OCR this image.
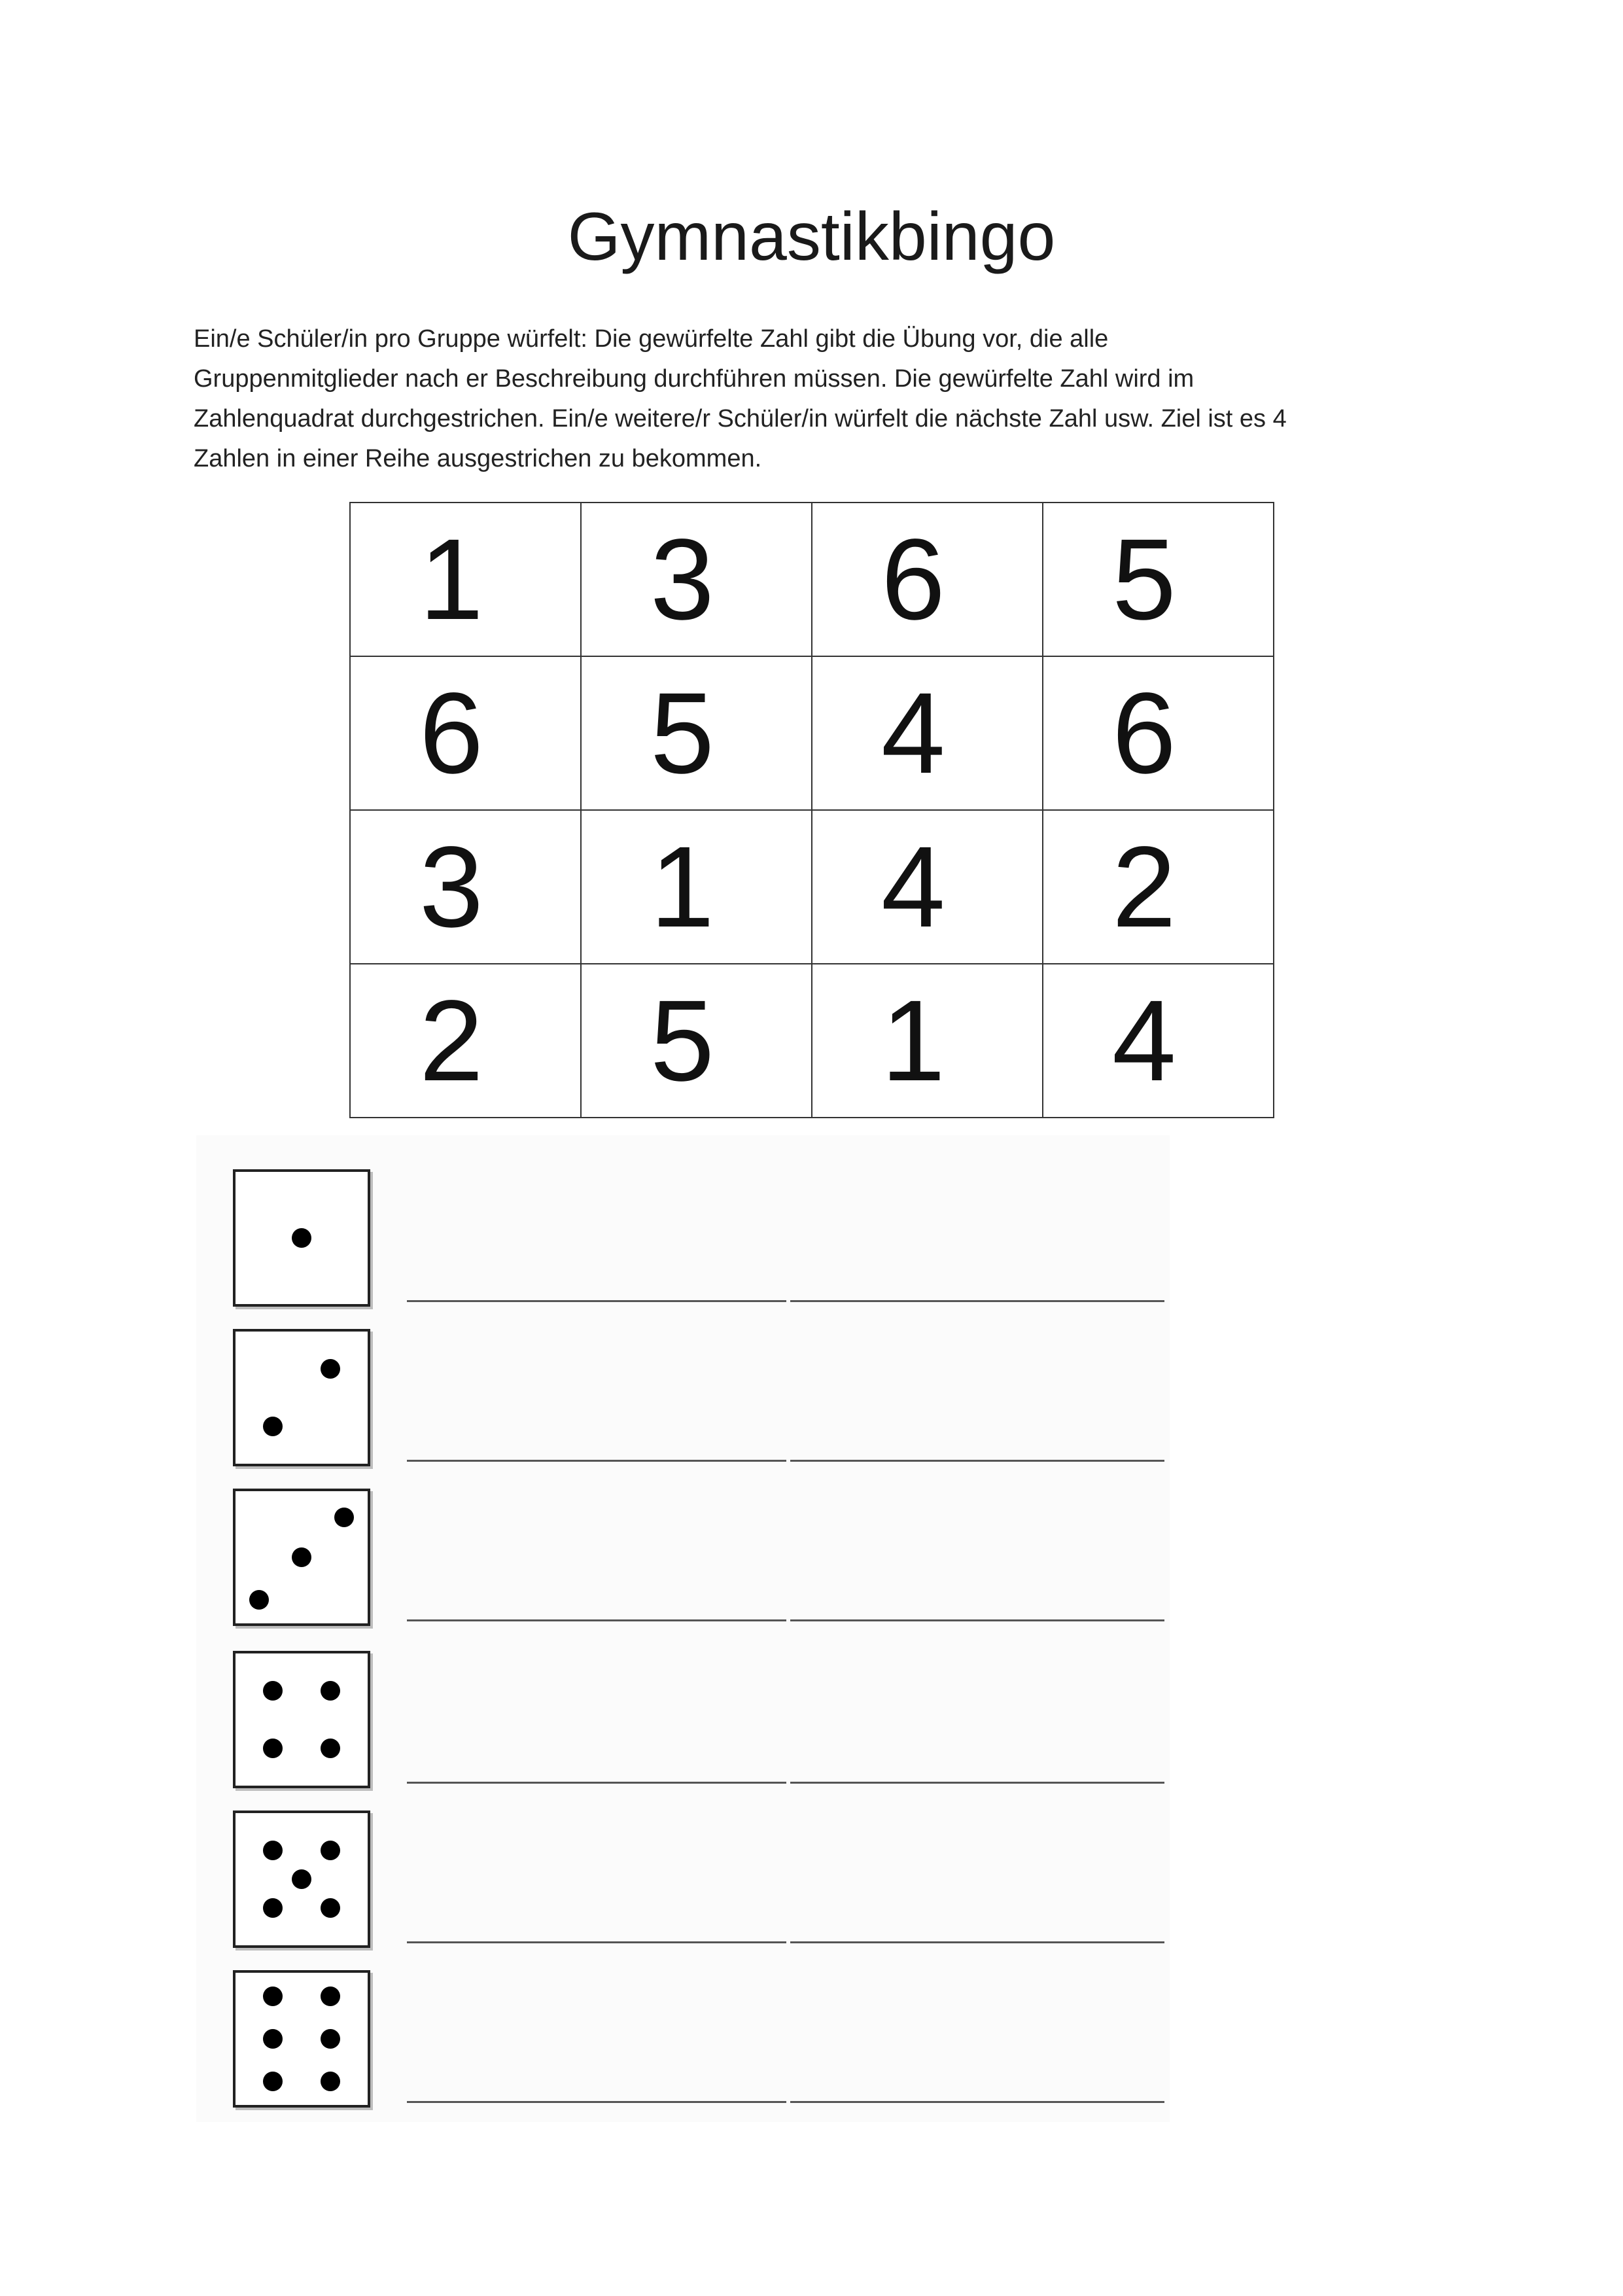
Gymnastikbingo
Ein/e Schüler/in pro Gruppe würfelt: Die gewürfelte Zahl gibt die Übung vor, die alle
Gruppenmitglieder nach er Beschreibung durchführen müssen. Die gewürfelte Zahl wird im
Zahlenquadrat durchgestrichen. Ein/e weitere/r Schüler/in würfelt die nächste Zahl usw. Ziel ist es 4
Zahlen in einer Reihe ausgestrichen zu bekommen.
1	3	6	5
6	5	4	6
3	1	4	2
2	5	1	4
